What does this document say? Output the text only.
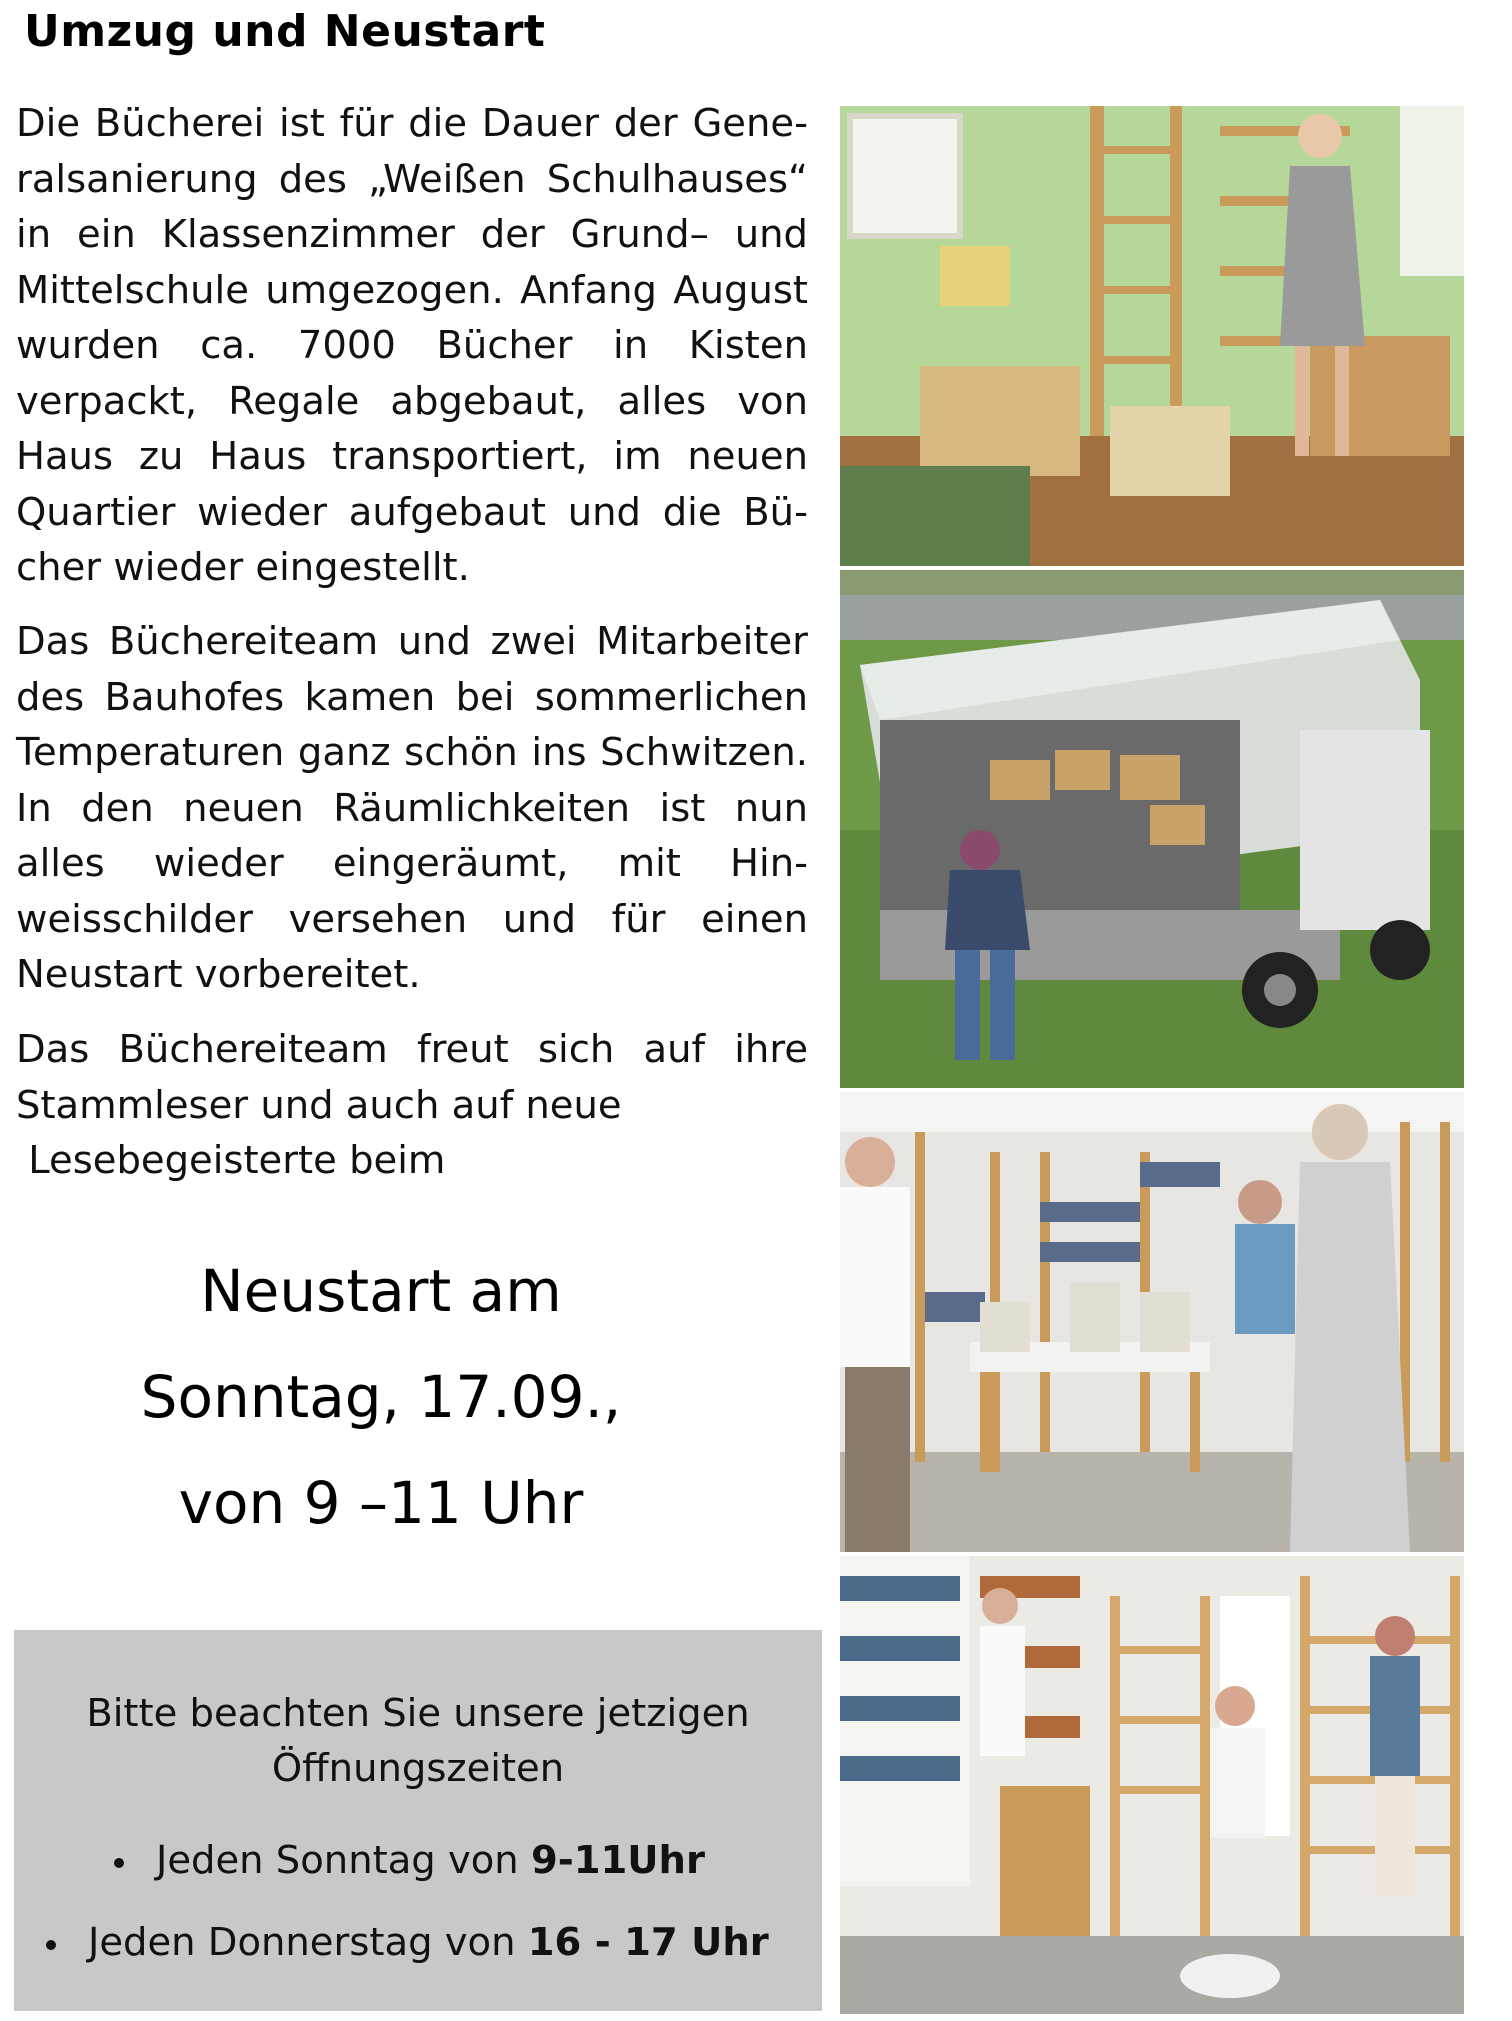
Umzug und Neustart

Die Bücherei ist für die Dauer der Generalsanierung des „Weißen Schulhauses“ in ein Klassenzimmer der Grund– und Mittelschule umgezogen. Anfang August wurden ca. 7000 Bücher in Kisten verpackt, Regale abgebaut, alles von Haus zu Haus transportiert, im neuen Quartier wieder aufgebaut und die Bücher wieder eingestellt.

Das Büchereiteam und zwei Mitarbeiter des Bauhofes kamen bei sommerlichen Temperaturen ganz schön ins Schwitzen. In den neuen Räumlichkeiten ist nun alles wieder eingeräumt, mit Hinweisschilder versehen und für einen Neustart vorbereitet.

Das Büchereiteam freut sich auf ihre Stammleser und auch auf neue

Lesebegeisterte beim

Neustart am
Sonntag, 17.09.,
von 9 –11 Uhr
Bitte beachten Sie unsere jetzigen
Öffnungszeiten
Jeden Sonntag von 9-11Uhr
Jeden Donnerstag von 16 - 17 Uhr
